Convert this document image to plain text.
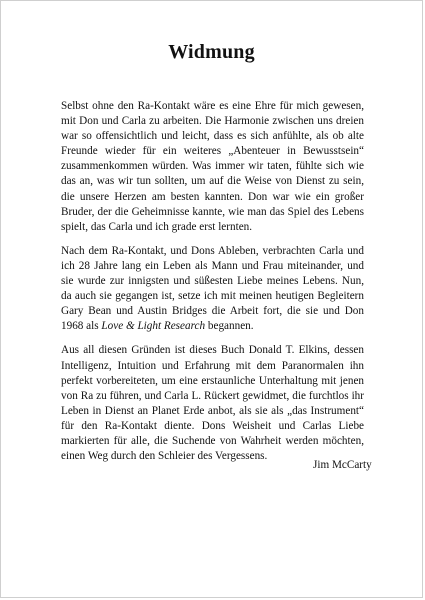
Widmung

Selbst ohne den Ra-Kontakt wäre es eine Ehre für mich gewesen, mit Don und Carla zu arbeiten. Die Harmonie zwischen uns dreien war so offensichtlich und leicht, dass es sich anfühlte, als ob alte Freunde wieder für ein weiteres „Abenteuer in Bewusstsein“ zusammenkommen würden. Was immer wir taten, fühlte sich wie das an, was wir tun sollten, um auf die Weise von Dienst zu sein, die unsere Herzen am besten kannten. Don war wie ein großer Bruder, der die Geheimnisse kannte, wie man das Spiel des Lebens spielt, das Carla und ich grade erst lernten.

Nach dem Ra-Kontakt, und Dons Ableben, verbrachten Carla und ich 28 Jahre lang ein Leben als Mann und Frau miteinander, und sie wurde zur innigsten und süßesten Liebe meines Lebens. Nun, da auch sie gegangen ist, setze ich mit meinen heutigen Begleitern Gary Bean und Austin Bridges die Arbeit fort, die sie und Don 1968 als Love & Light Research begannen.

Aus all diesen Gründen ist dieses Buch Donald T. Elkins, dessen Intelligenz, Intuition und Erfahrung mit dem Paranormalen ihn perfekt vorbereiteten, um eine erstaunliche Unterhaltung mit jenen von Ra zu führen, und Carla L. Rückert gewidmet, die furchtlos ihr Leben in Dienst an Planet Erde anbot, als sie als „das Instrument“ für den Ra-Kontakt diente. Dons Weisheit und Carlas Liebe markierten für alle, die Suchende von Wahrheit werden möchten, einen Weg durch den Schleier des Vergessens.

Jim McCarty
